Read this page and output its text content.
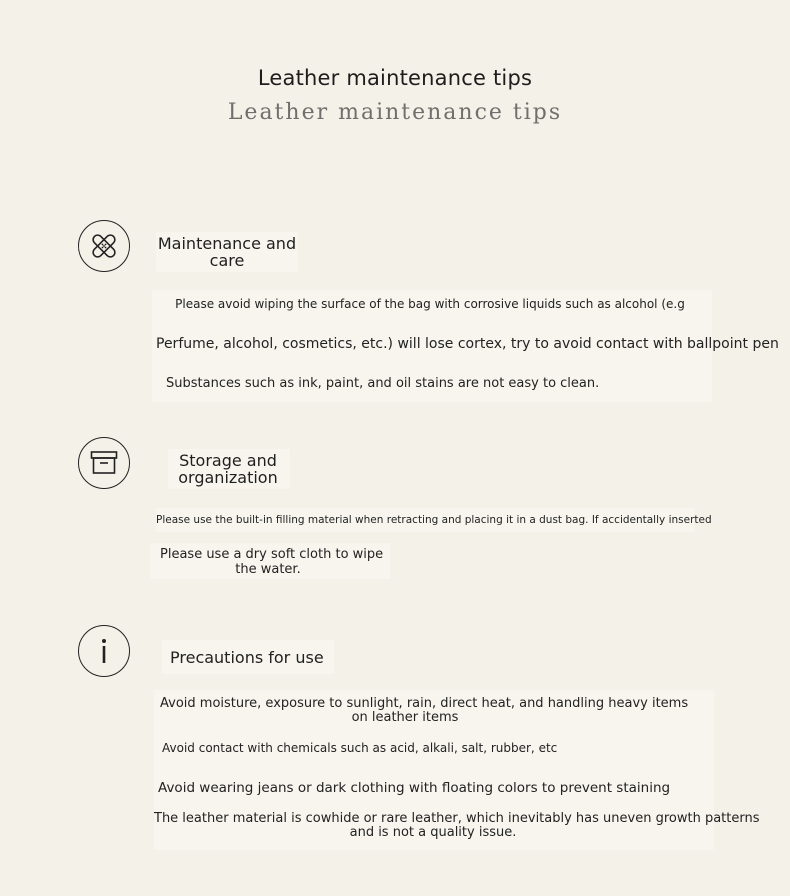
Leather maintenance tips
Leather maintenance tips
Maintenance and
care
Please avoid wiping the surface of the bag with corrosive liquids such as alcohol (e.g
Perfume, alcohol, cosmetics, etc.) will lose cortex, try to avoid contact with ballpoint pen
Substances such as ink, paint, and oil stains are not easy to clean.
Storage and
organization
Please use the built-in filling material when retracting and placing it in a dust bag. If accidentally inserted
Please use a dry soft cloth to wipe
the water.
Precautions for use
Avoid moisture, exposure to sunlight, rain, direct heat, and handling heavy items
on leather items
Avoid contact with chemicals such as acid, alkali, salt, rubber, etc
Avoid wearing jeans or dark clothing with floating colors to prevent staining
The leather material is cowhide or rare leather, which inevitably has uneven growth patterns
and is not a quality issue.
